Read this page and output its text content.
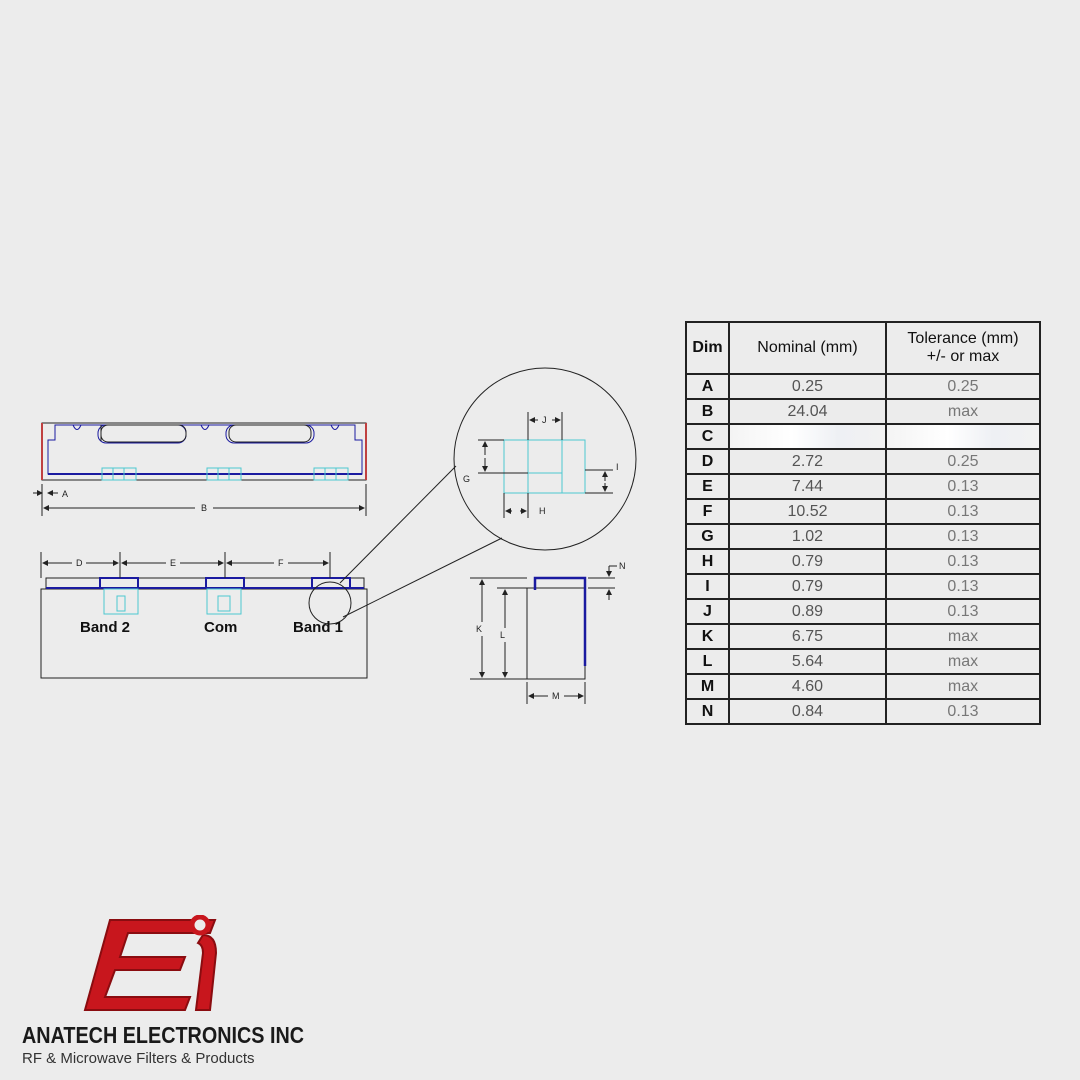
A
B
D	E	F
Band 2	Com	Band 1
G
J
H
I
K
L
M
N
Dim	Nominal (mm)	Tolerance (mm)
+/- or max
A	0.25	0.25
B	24.04	max
C		
D	2.72	0.25
E	7.44	0.13
F	10.52	0.13
G	1.02	0.13
H	0.79	0.13
I	0.79	0.13
J	0.89	0.13
K	6.75	max
L	5.64	max
M	4.60	max
N	0.84	0.13
ANATECH ELECTRONICS INC
RF & Microwave Filters & Products
